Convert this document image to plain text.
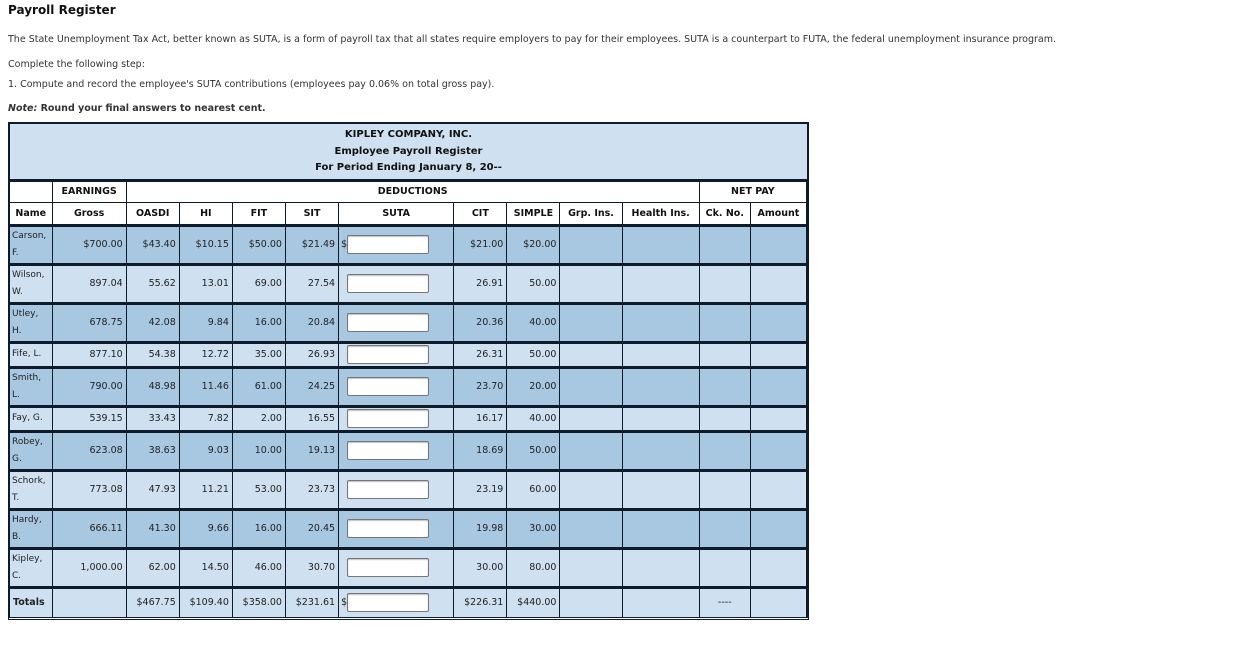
Payroll Register
The State Unemployment Tax Act, better known as SUTA, is a form of payroll tax that all states require employers to pay for their employees. SUTA is a counterpart to FUTA, the federal unemployment insurance program.
Complete the following step:
1. Compute and record the employee's SUTA contributions (employees pay 0.06% on total gross pay).
Note: Round your final answers to nearest cent.
KIPLEY COMPANY, INC.
Employee Payroll Register
For Period Ending January 8, 20--
	EARNINGS	DEDUCTIONS									NET PAY	
Name	Gross	OASDI	HI	FIT	SIT	SUTA	CIT	SIMPLE	Grp. Ins.	Health Ins.	Ck. No.	Amount
Carson, F.	$700.00	$43.40	$10.15	$50.00	$21.49	$	$21.00	$20.00				
Wilson, W.	897.04	55.62	13.01	69.00	27.54		26.91	50.00				
Utley, H.	678.75	42.08	9.84	16.00	20.84		20.36	40.00				
Fife, L.	877.10	54.38	12.72	35.00	26.93		26.31	50.00				
Smith, L.	790.00	48.98	11.46	61.00	24.25		23.70	20.00				
Fay, G.	539.15	33.43	7.82	2.00	16.55		16.17	40.00				
Robey, G.	623.08	38.63	9.03	10.00	19.13		18.69	50.00				
Schork, T.	773.08	47.93	11.21	53.00	23.73		23.19	60.00				
Hardy, B.	666.11	41.30	9.66	16.00	20.45		19.98	30.00				
Kipley, C.	1,000.00	62.00	14.50	46.00	30.70		30.00	80.00				
Totals		$467.75	$109.40	$358.00	$231.61	$	$226.31	$440.00			----	
